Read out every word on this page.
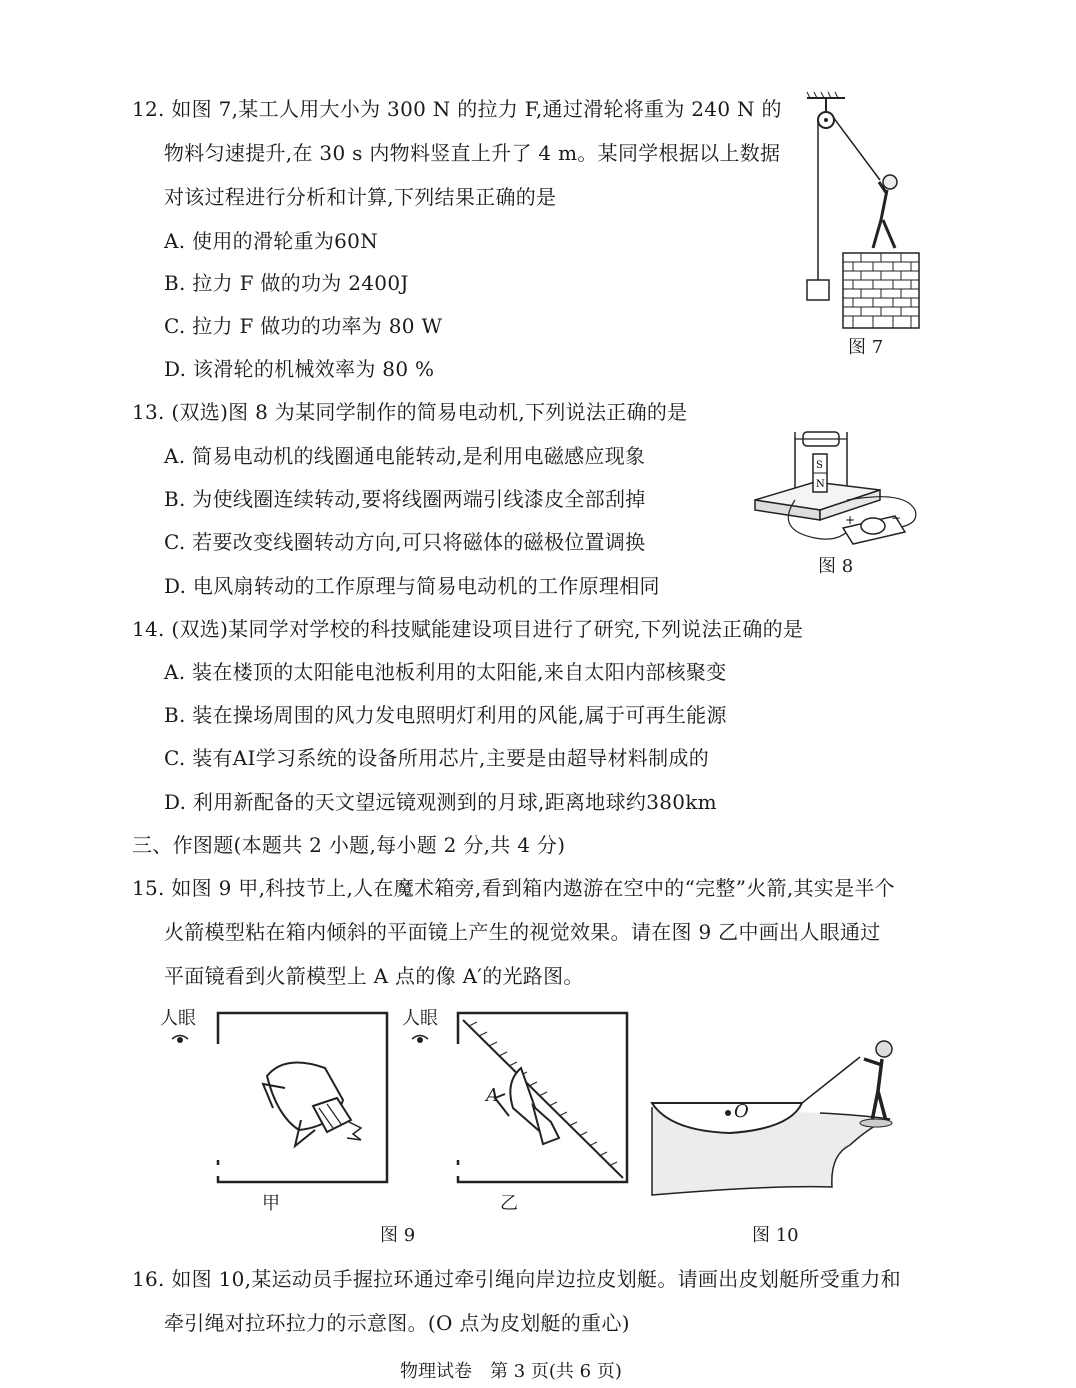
12. 如图 7,某工人用大小为 300 N 的拉力 F,通过滑轮将重为 240 N 的
物料匀速提升,在 30 s 内物料竖直上升了 4 m。某同学根据以上数据
对该过程进行分析和计算,下列结果正确的是
A. 使用的滑轮重为60N
B. 拉力 F 做的功为 2400J
C. 拉力 F 做功的功率为 80 W
D. 该滑轮的机械效率为 80 %
图 7
13. (双选)图 8 为某同学制作的简易电动机,下列说法正确的是
A. 简易电动机的线圈通电能转动,是利用电磁感应现象
B. 为使线圈连续转动,要将线圈两端引线漆皮全部刮掉
C. 若要改变线圈转动方向,可只将磁体的磁极位置调换
D. 电风扇转动的工作原理与简易电动机的工作原理相同
S
N
+	−
图 8
14. (双选)某同学对学校的科技赋能建设项目进行了研究,下列说法正确的是
A. 装在楼顶的太阳能电池板利用的太阳能,来自太阳内部核聚变
B. 装在操场周围的风力发电照明灯利用的风能,属于可再生能源
C. 装有AI学习系统的设备所用芯片,主要是由超导材料制成的
D. 利用新配备的天文望远镜观测到的月球,距离地球约380km
三、作图题(本题共 2 小题,每小题 2 分,共 4 分)
15. 如图 9 甲,科技节上,人在魔术箱旁,看到箱内遨游在空中的“完整”火箭,其实是半个
火箭模型粘在箱内倾斜的平面镜上产生的视觉效果。请在图 9 乙中画出人眼通过
平面镜看到火箭模型上 A 点的像 A′的光路图。
人眼
甲
人眼
A
乙
图 9
O
图 10
16. 如图 10,某运动员手握拉环通过牵引绳向岸边拉皮划艇。请画出皮划艇所受重力和
牵引绳对拉环拉力的示意图。(O 点为皮划艇的重心)
物理试卷　第 3 页(共 6 页)
